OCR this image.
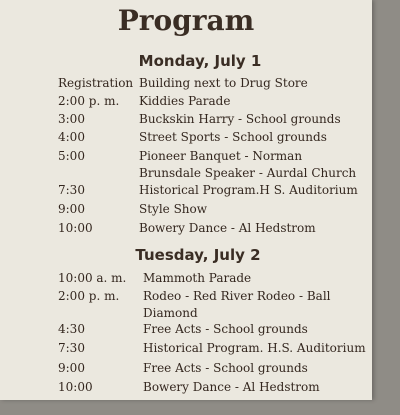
Program
Monday, July 1
Registration Building next to Drug Store
2:00 p. m. Kiddies Parade
3:00	Buckskin Harry - School grounds
4:00	Street Sports - School grounds
5:00	Pioneer Banquet - Norman Brunsdale Speaker - Aurdal Church
7:30	Historical Program.H S. Auditorium
9:00	Style Show
10:00	Bowery Dance - Al Hedstrom
Tuesday, July 2
10:00 a. m. Mammoth Parade
2:00 p. m. Rodeo - Red River Rodeo - Ball Diamond
4:30	Free Acts - School grounds
7:30	Historical Program. H.S. Auditorium
9:00	Free Acts - School grounds
10:00	Bowery Dance - Al Hedstrom
